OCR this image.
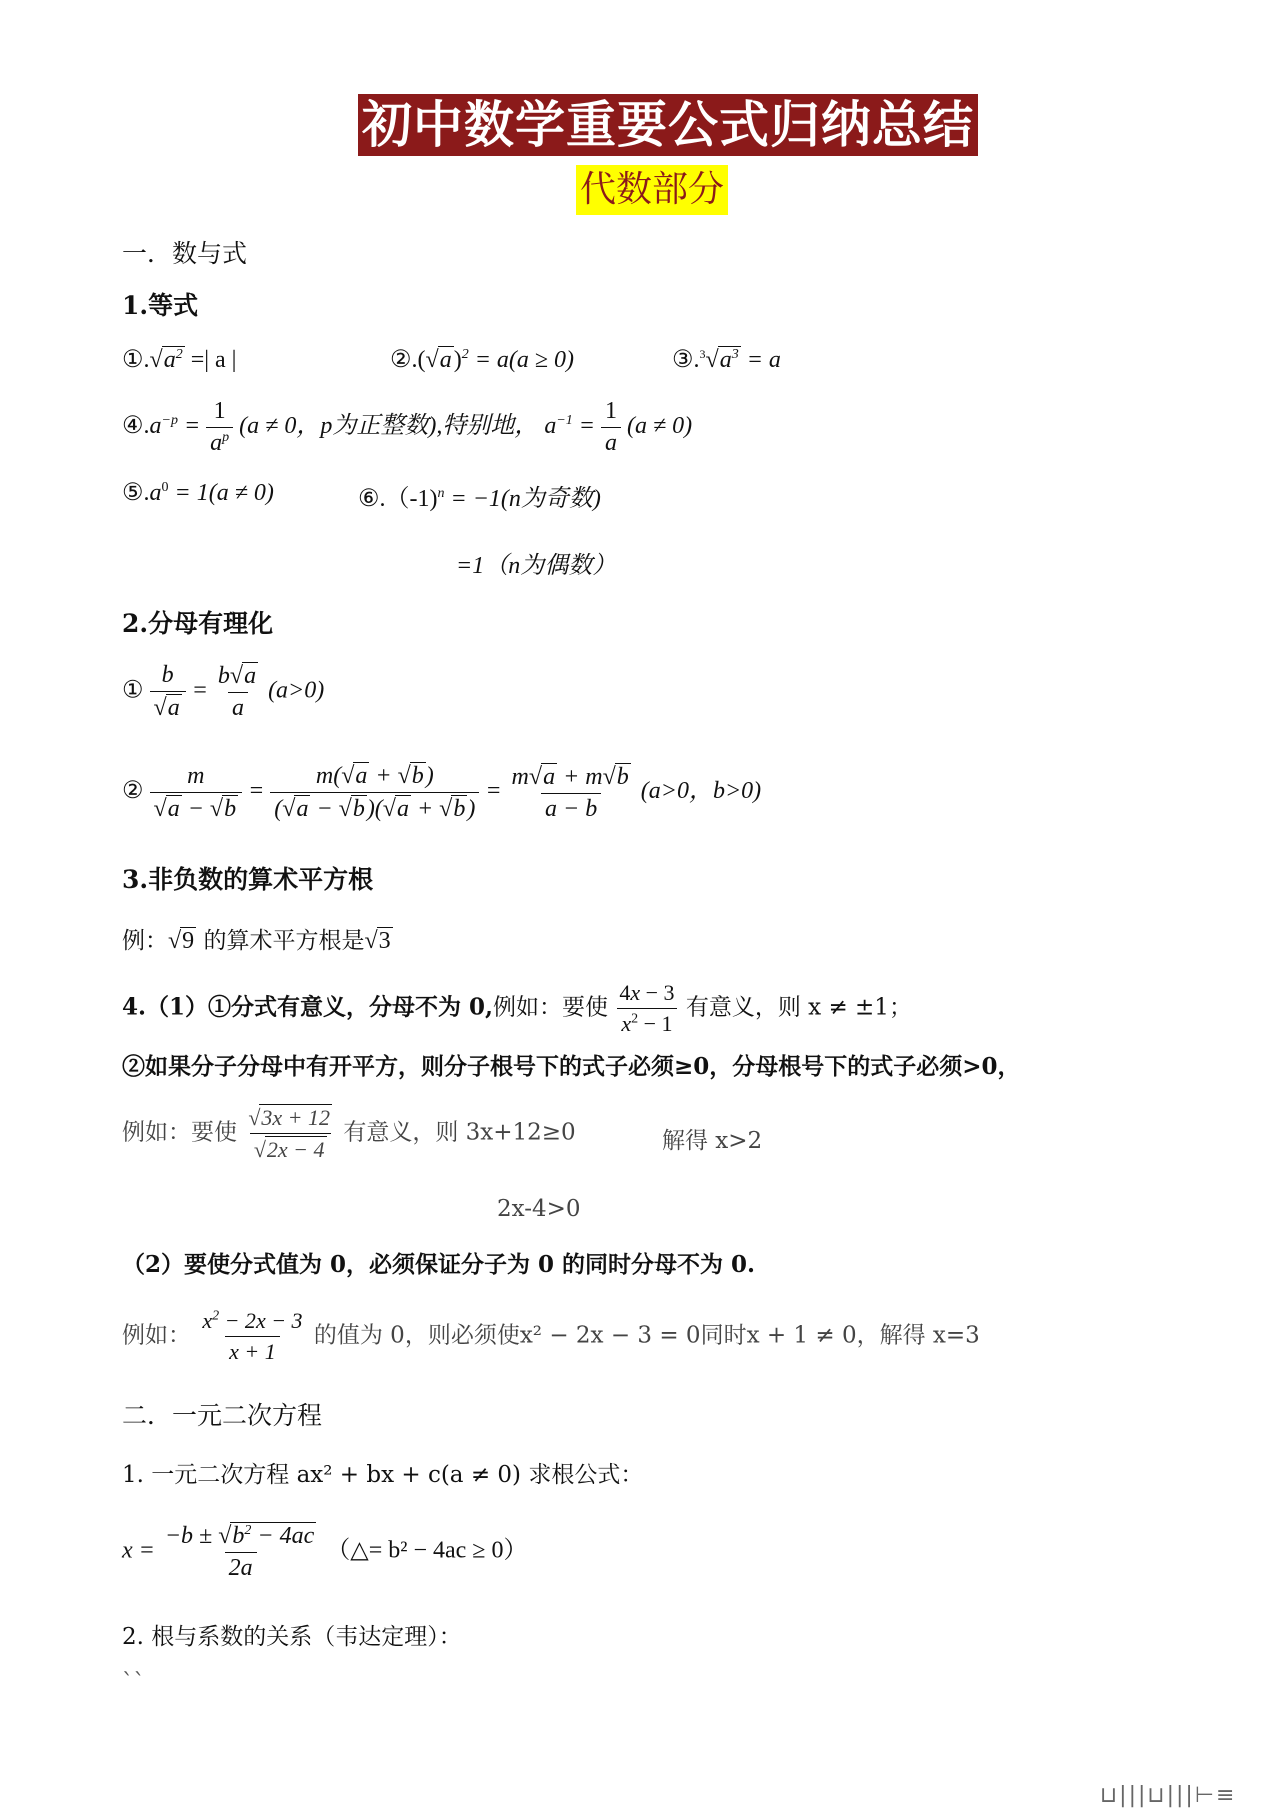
初中数学重要公式归纳总结
代数部分
一．数与式
1.等式
$①.√a^2$ =| a |	$②.(√a)^2 = a(a \ge 0)$	$③.^3√a^3 = a$
$④.a^{-p} = \frac{1}{a^p} (a \ne 0$，p为正整数),特别地， $a^{-1} = \frac{1}{a} (a \ne 0)$
$⑤.a^0 = 1(a \ne 0)$	⑥.（-1)$^n$ = −1(n为奇数)
=1（n为偶数）
2.分母有理化
① $\frac{b}{√a} = \frac{b√a}{a} (a>0)$
② $\frac{m}{√a - √b} = \frac{m(√a + √b)}{(√a - √b)(√a + √b)} = \frac{m√a + m√b}{a - b} (a>0$，b>0)
3.非负数的算术平方根
例：√9 的算术平方根是√3
4.（1）①分式有意义，分母不为 0,例如：要使 $\frac{4x - 3}{x^2 - 1}$ 有意义，则 x ≠ ±1；
②如果分子分母中有开平方，则分子根号下的式子必须≥0，分母根号下的式子必须>0，
例如：要使 $\frac{√3x + 12}{√2x - 4}$ 有意义，则 3x+12≥0	解得 x>2
2x-4>0
（2）要使分式值为 0，必须保证分子为 0 的同时分母不为 0.
例如： $\frac{x^2 - 2x - 3}{x + 1}$ 的值为 0，则必须使x² − 2x − 3 = 0同时x + 1 ≠ 0，解得 x=3
二．一元二次方程
1. 一元二次方程 ax² + bx + c(a ≠ 0) 求根公式：
$x = \frac{-b \pm √b^2 - 4ac}{2a}$ （△= b² − 4ac ≥ 0）
2. 根与系数的关系（韦达定理）：
``
⊔|||⊔|||⊢≡
